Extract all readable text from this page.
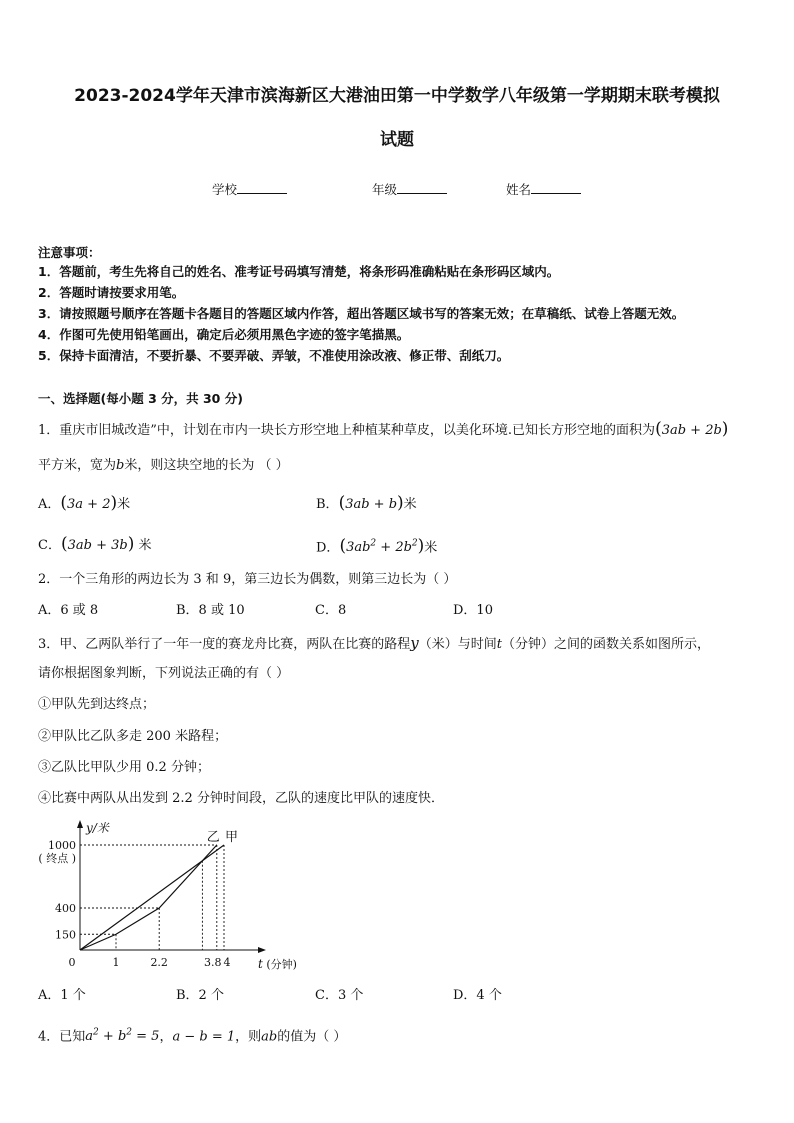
2023-2024学年天津市滨海新区大港油田第一中学数学八年级第一学期期末联考模拟
试题
学校	年级	姓名
注意事项：
1．答题前，考生先将自己的姓名、准考证号码填写清楚，将条形码准确粘贴在条形码区域内。
2．答题时请按要求用笔。
3．请按照题号顺序在答题卡各题目的答题区域内作答，超出答题区域书写的答案无效；在草稿纸、试卷上答题无效。
4．作图可先使用铅笔画出，确定后必须用黑色字迹的签字笔描黑。
5．保持卡面清洁，不要折暴、不要弄破、弄皱，不准使用涂改液、修正带、刮纸刀。
一、选择题(每小题 3 分，共 30 分)
1．重庆市旧城改造”中，计划在市内一块长方形空地上种植某种草皮，以美化环境.已知长方形空地的面积为(3ab + 2b)
平方米，宽为b米，则这块空地的长为 （ ）
A．(3a + 2)米	B．(3ab + b)米
C．(3ab + 3b) 米	D．$(3ab^2 + 2b^2)$米
2．一个三角形的两边长为 3 和 9，第三边长为偶数，则第三边长为（ ）
A．6 或 8	B．8 或 10	C．8	D．10
3．甲、乙两队举行了一年一度的赛龙舟比赛，两队在比赛的路程y（米）与时间t（分钟）之间的函数关系如图所示，
请你根据图象判断，下列说法正确的有（ ）
①甲队先到达终点；
②甲队比乙队多走 200 米路程；
③乙队比甲队少用 0.2 分钟；
④比赛中两队从出发到 2.2 分钟时间段，乙队的速度比甲队的速度快．
甲
乙
1	2.2	3.8 4
150
400
1000
( 终点 )
0	t (分钟)
y/米
A．1 个	B．2 个	C．3 个	D．4 个
4．已知$a^2 + b^2 = 5$，a − b = 1，则ab的值为（ ）
